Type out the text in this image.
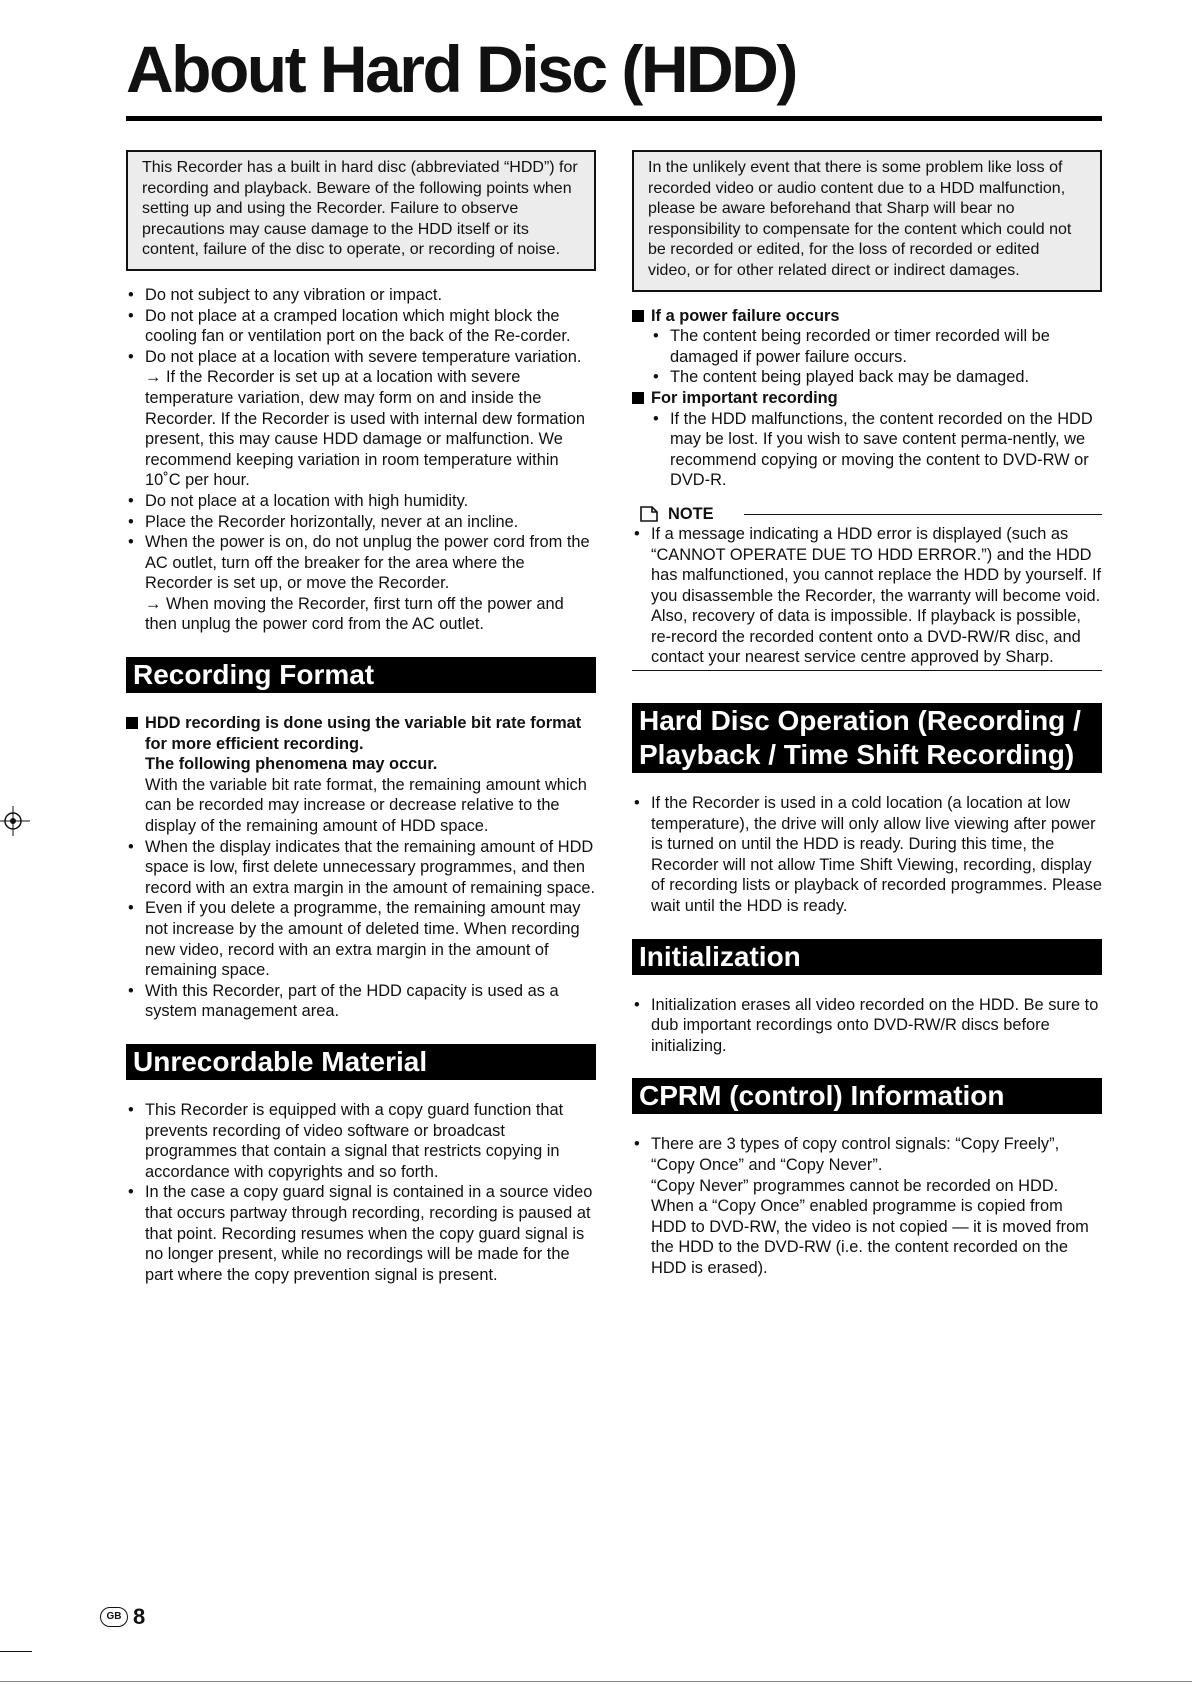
About Hard Disc (HDD)
This Recorder has a built in hard disc (abbreviated “HDD”) for recording and playback. Beware of the following points when setting up and using the Recorder. Failure to observe precautions may cause damage to the HDD itself or its content, failure of the disc to operate, or recording of noise.
• Do not subject to any vibration or impact.
• Do not place at a cramped location which might block the cooling fan or ventilation port on the back of the Re-corder.
• Do not place at a location with severe temperature variation.
→ If the Recorder is set up at a location with severe temperature variation, dew may form on and inside the Recorder. If the Recorder is used with internal dew formation present, this may cause HDD damage or malfunction. We recommend keeping variation in room temperature within 10˚C per hour.
• Do not place at a location with high humidity.
• Place the Recorder horizontally, never at an incline.
• When the power is on, do not unplug the power cord from the AC outlet, turn off the breaker for the area where the Recorder is set up, or move the Recorder.
→ When moving the Recorder, first turn off the power and then unplug the power cord from the AC outlet.
Recording Format
HDD recording is done using the variable bit rate format for more efficient recording.
The following phenomena may occur.
With the variable bit rate format, the remaining amount which can be recorded may increase or decrease relative to the display of the remaining amount of HDD space.
• When the display indicates that the remaining amount of HDD space is low, first delete unnecessary programmes, and then record with an extra margin in the amount of remaining space.
• Even if you delete a programme, the remaining amount may not increase by the amount of deleted time. When recording new video, record with an extra margin in the amount of remaining space.
• With this Recorder, part of the HDD capacity is used as a system management area.
Unrecordable Material
• This Recorder is equipped with a copy guard function that prevents recording of video software or broadcast programmes that contain a signal that restricts copying in accordance with copyrights and so forth.
• In the case a copy guard signal is contained in a source video that occurs partway through recording, recording is paused at that point. Recording resumes when the copy guard signal is no longer present, while no recordings will be made for the part where the copy prevention signal is present.
In the unlikely event that there is some problem like loss of recorded video or audio content due to a HDD malfunction, please be aware beforehand that Sharp will bear no responsibility to compensate for the content which could not be recorded or edited, for the loss of recorded or edited video, or for other related direct or indirect damages.
If a power failure occurs
• The content being recorded or timer recorded will be damaged if power failure occurs.
• The content being played back may be damaged.
For important recording
• If the HDD malfunctions, the content recorded on the HDD may be lost. If you wish to save content perma-nently, we recommend copying or moving the content to DVD-RW or DVD-R.
NOTE
• If a message indicating a HDD error is displayed (such as “CANNOT OPERATE DUE TO HDD ERROR.”) and the HDD has malfunctioned, you cannot replace the HDD by yourself. If you disassemble the Recorder, the warranty will become void. Also, recovery of data is impossible. If playback is possible, re-record the recorded content onto a DVD-RW/R disc, and contact your nearest service centre approved by Sharp.
Hard Disc Operation (Recording / Playback / Time Shift Recording)
• If the Recorder is used in a cold location (a location at low temperature), the drive will only allow live viewing after power is turned on until the HDD is ready. During this time, the Recorder will not allow Time Shift Viewing, recording, display of recording lists or playback of recorded programmes. Please wait until the HDD is ready.
Initialization
• Initialization erases all video recorded on the HDD. Be sure to dub important recordings onto DVD-RW/R discs before initializing.
CPRM (control) Information
• There are 3 types of copy control signals: “Copy Freely”, “Copy Once” and “Copy Never”.
“Copy Never” programmes cannot be recorded on HDD. When a “Copy Once” enabled programme is copied from HDD to DVD-RW, the video is not copied — it is moved from the HDD to the DVD-RW (i.e. the content recorded on the HDD is erased).
GB 8
